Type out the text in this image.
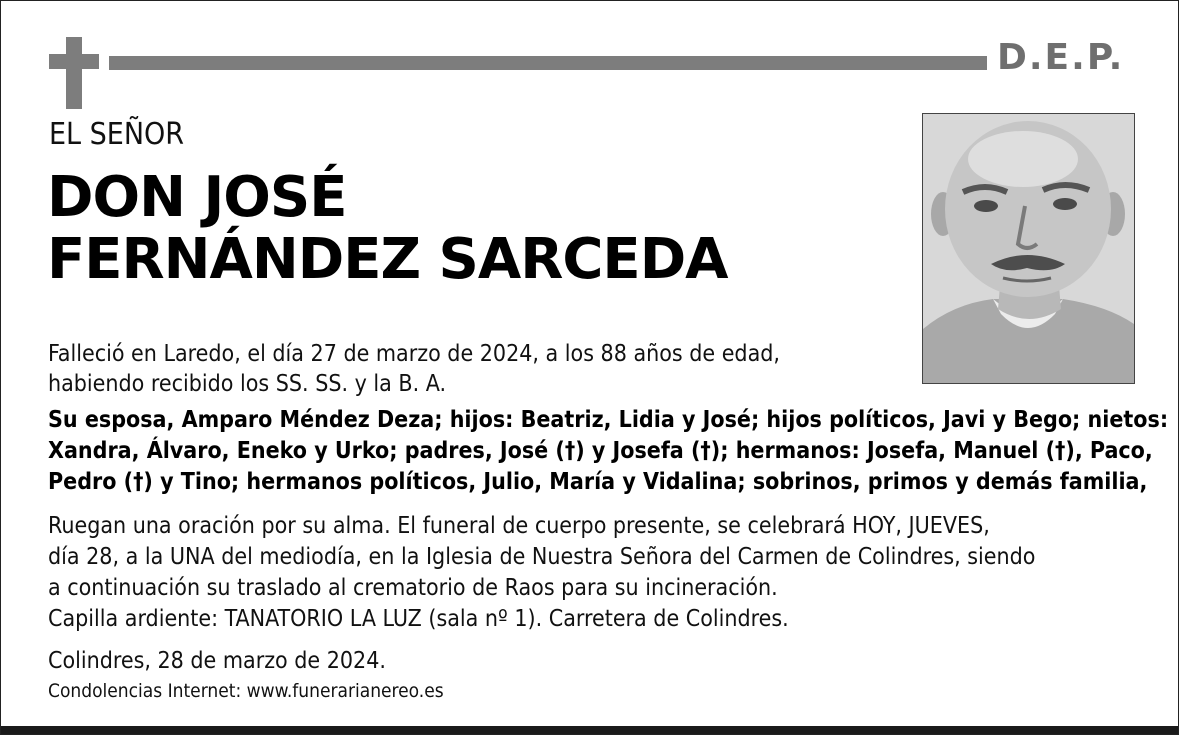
D.E.P.
EL SEÑOR
DON JOSÉ
FERNÁNDEZ SARCEDA
Falleció en Laredo, el día 27 de marzo de 2024, a los 88 años de edad,
habiendo recibido los SS. SS. y la B. A.
Su esposa, Amparo Méndez Deza; hijos: Beatriz, Lidia y José; hijos políticos, Javi y Bego; nietos:
Xandra, Álvaro, Eneko y Urko; padres, José (†) y Josefa (†); hermanos: Josefa, Manuel (†), Paco,
Pedro (†) y Tino; hermanos políticos, Julio, María y Vidalina; sobrinos, primos y demás familia,
Ruegan una oración por su alma. El funeral de cuerpo presente, se celebrará HOY, JUEVES,
día 28, a la UNA del mediodía, en la Iglesia de Nuestra Señora del Carmen de Colindres, siendo
a continuación su traslado al crematorio de Raos para su incineración.
Capilla ardiente: TANATORIO LA LUZ (sala nº 1). Carretera de Colindres.
Colindres, 28 de marzo de 2024.
Condolencias Internet: www.funerarianereo.es
